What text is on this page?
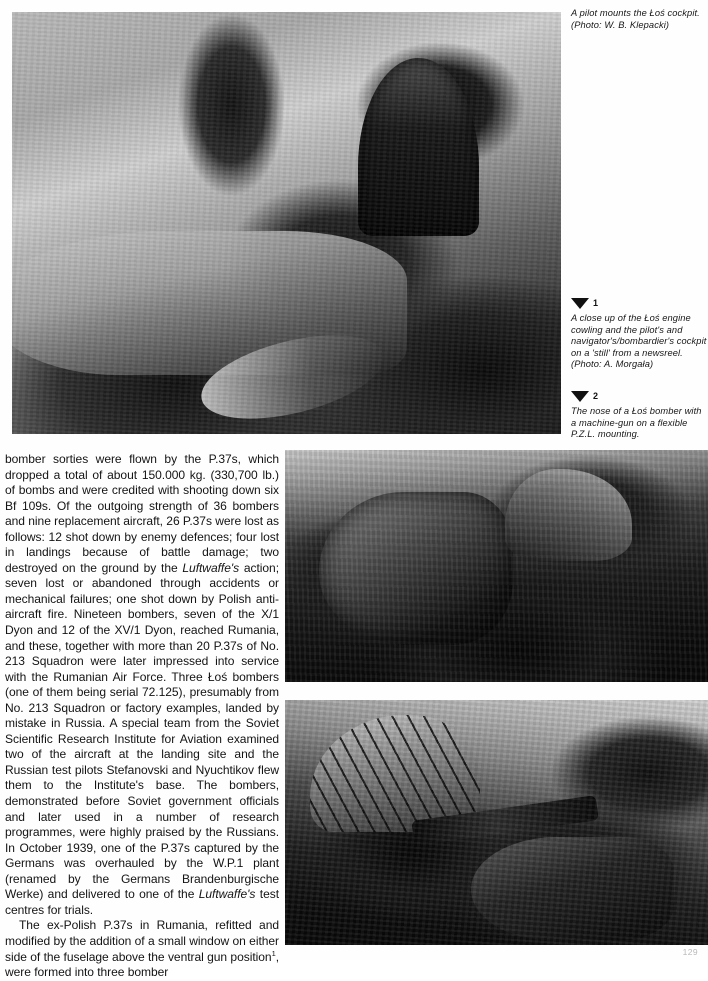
A pilot mounts the Łoś cockpit.
(Photo: W. B. Klepacki)
1
A close up of the Łoś engine cowling and the pilot's and navigator's/bombardier's cockpit on a 'still' from a newsreel.
(Photo: A. Morgała)
2
The nose of a Łoś bomber with a machine-gun on a flexible P.Z.L. mounting.

bomber sorties were flown by the P.37s, which dropped a total of about 150.000 kg. (330,700 lb.) of bombs and were credited with shooting down six Bf 109s. Of the outgoing strength of 36 bombers and nine replacement aircraft, 26 P.37s were lost as follows: 12 shot down by enemy defences; four lost in landings because of battle damage; two destroyed on the ground by the Luftwaffe's action; seven lost or abandoned through accidents or mechanical failures; one shot down by Polish anti-aircraft fire. Nineteen bombers, seven of the X/1 Dyon and 12 of the XV/1 Dyon, reached Rumania, and these, together with more than 20 P.37s of No. 213 Squadron were later impressed into service with the Rumanian Air Force. Three Łoś bombers (one of them being serial 72.125), presumably from No. 213 Squadron or factory examples, landed by mistake in Russia. A special team from the Soviet Scientific Research Institute for Aviation examined two of the aircraft at the landing site and the Russian test pilots Stefanovski and Nyuchtikov flew them to the Institute's base. The bombers, demonstrated before Soviet government officials and later used in a number of research programmes, were highly praised by the Russians. In October 1939, one of the P.37s captured by the Germans was overhauled by the W.P.1 plant (renamed by the Germans Brandenburgische Werke) and delivered to one of the Luftwaffe's test centres for trials.

The ex-Polish P.37s in Rumania, refitted and modified by the addition of a small window on either side of the fuselage above the ventral gun position$^1$, were formed into three bomber

129
